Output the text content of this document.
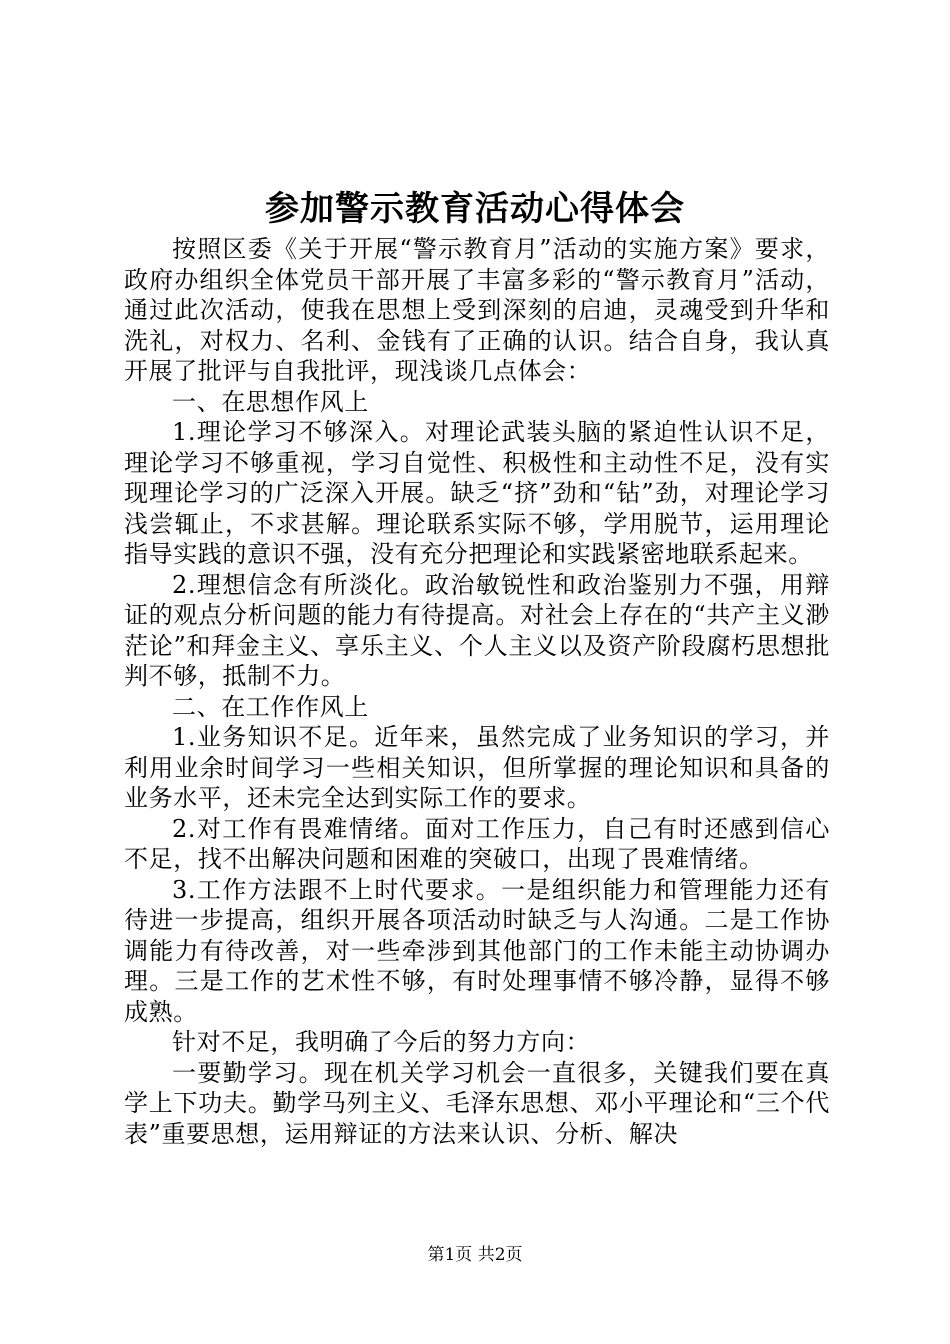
参加警示教育活动心得体会

按照区委《关于开展“警示教育月”活动的实施方案》要求，政府办组织全体党员干部开展了丰富多彩的“警示教育月”活动，通过此次活动，使我在思想上受到深刻的启迪，灵魂受到升华和洗礼，对权力、名利、金钱有了正确的认识。结合自身，我认真开展了批评与自我批评，现浅谈几点体会：

一、在思想作风上

1.理论学习不够深入。对理论武装头脑的紧迫性认识不足，理论学习不够重视，学习自觉性、积极性和主动性不足，没有实现理论学习的广泛深入开展。缺乏“挤”劲和“钻”劲，对理论学习浅尝辄止，不求甚解。理论联系实际不够，学用脱节，运用理论指导实践的意识不强，没有充分把理论和实践紧密地联系起来。

2.理想信念有所淡化。政治敏锐性和政治鉴别力不强，用辩证的观点分析问题的能力有待提高。对社会上存在的“共产主义渺茫论”和拜金主义、享乐主义、个人主义以及资产阶段腐朽思想批判不够，抵制不力。

二、在工作作风上

1.业务知识不足。近年来，虽然完成了业务知识的学习，并利用业余时间学习一些相关知识，但所掌握的理论知识和具备的业务水平，还未完全达到实际工作的要求。

2.对工作有畏难情绪。面对工作压力，自己有时还感到信心不足，找不出解决问题和困难的突破口，出现了畏难情绪。

3.工作方法跟不上时代要求。一是组织能力和管理能力还有待进一步提高，组织开展各项活动时缺乏与人沟通。二是工作协调能力有待改善，对一些牵涉到其他部门的工作未能主动协调办理。三是工作的艺术性不够，有时处理事情不够冷静，显得不够成熟。

针对不足，我明确了今后的努力方向：

一要勤学习。现在机关学习机会一直很多，关键我们要在真学上下功夫。勤学马列主义、毛泽东思想、邓小平理论和“三个代表”重要思想，运用辩证的方法来认识、分析、解决

第1页 共2页
